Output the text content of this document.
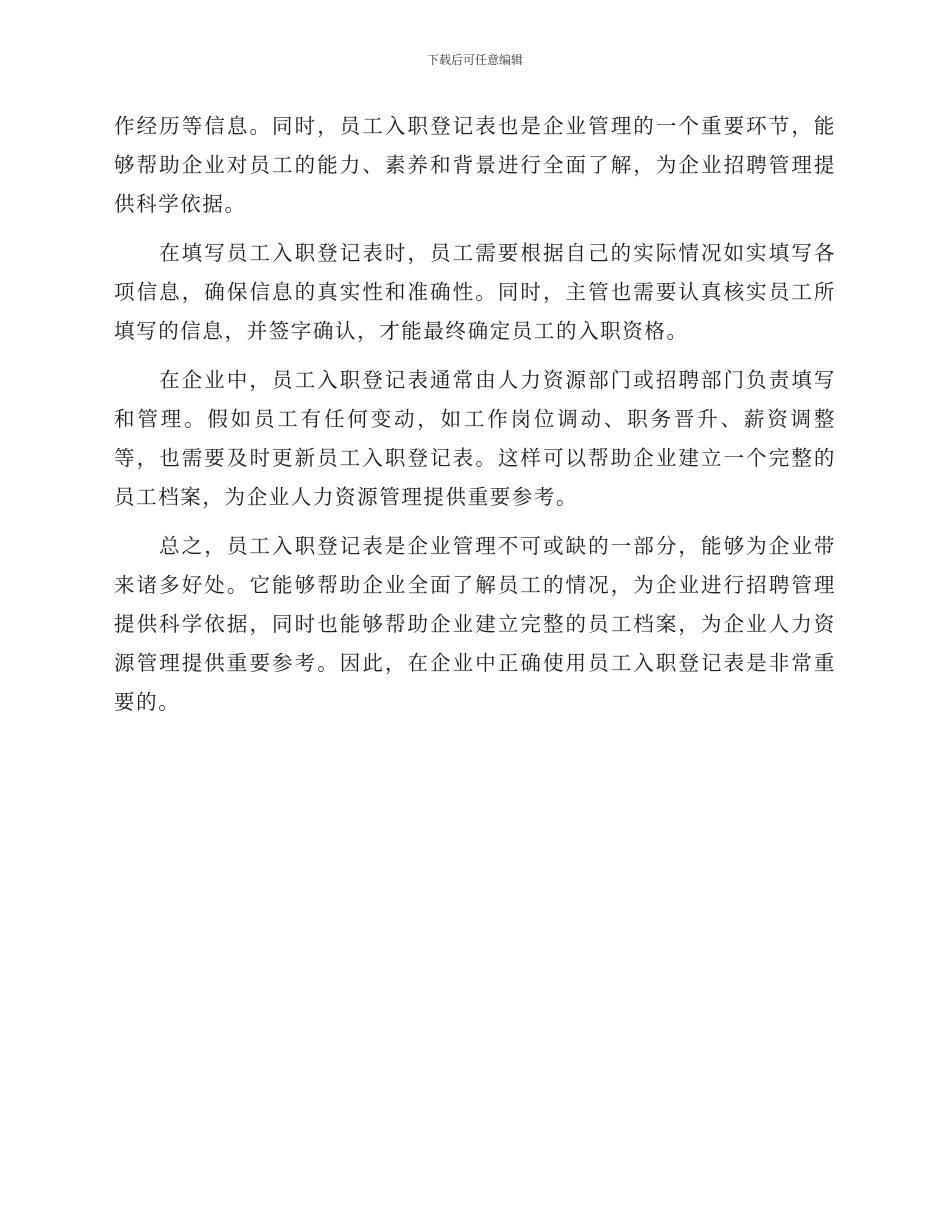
下载后可任意编辑

作经历等信息。同时，员工入职登记表也是企业管理的一个重要环节，能够帮助企业对员工的能力、素养和背景进行全面了解，为企业招聘管理提供科学依据。

在填写员工入职登记表时，员工需要根据自己的实际情况如实填写各项信息，确保信息的真实性和准确性。同时，主管也需要认真核实员工所填写的信息，并签字确认，才能最终确定员工的入职资格。

在企业中，员工入职登记表通常由人力资源部门或招聘部门负责填写和管理。假如员工有任何变动，如工作岗位调动、职务晋升、薪资调整等，也需要及时更新员工入职登记表。这样可以帮助企业建立一个完整的员工档案，为企业人力资源管理提供重要参考。

总之，员工入职登记表是企业管理不可或缺的一部分，能够为企业带来诸多好处。它能够帮助企业全面了解员工的情况，为企业进行招聘管理提供科学依据，同时也能够帮助企业建立完整的员工档案，为企业人力资源管理提供重要参考。因此，在企业中正确使用员工入职登记表是非常重要的。
